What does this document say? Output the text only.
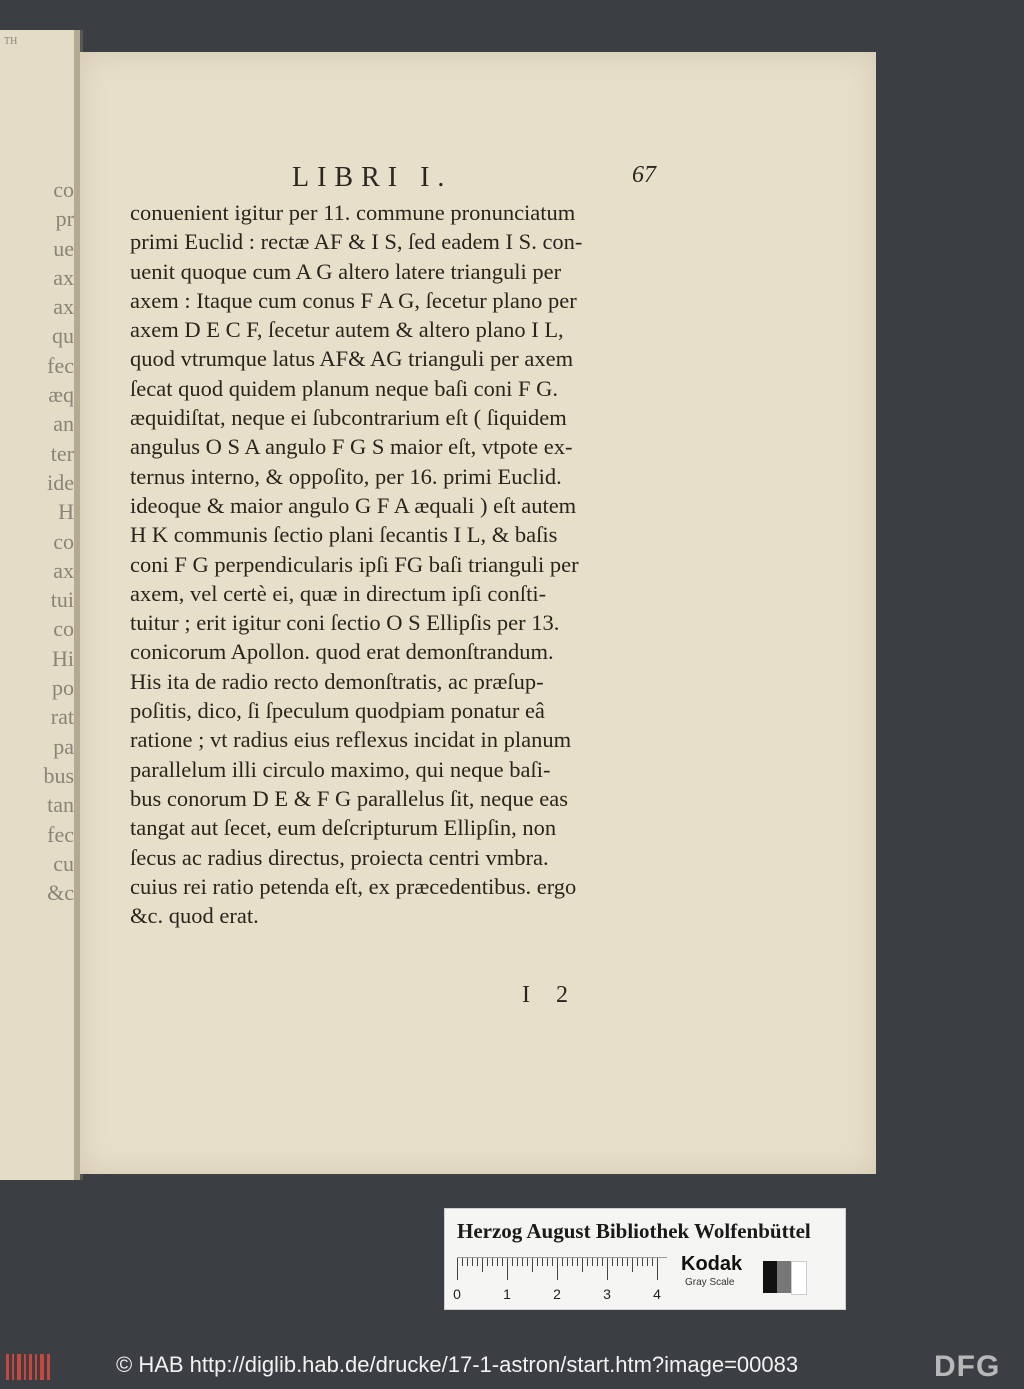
TH
co
pr
ue
ax
ax
qu
fec
æq
an
ter
ide
H
co
ax
tui
co
Hi
po
rat
pa
bus
tan
fec
cu
&c
LIBRI I.	67
conuenient igitur per 11. commune pronunciatum
primi Euclid : rectæ AF & I S, ſed eadem I S. con-
uenit quoque cum A G altero latere trianguli per
axem : Itaque cum conus F A G, ſecetur plano per
axem D E C F, ſecetur autem & altero plano I L,
quod vtrumque latus AF& AG trianguli per axem
ſecat quod quidem planum neque baſi coni F G.
æquidiſtat, neque ei ſubcontrarium eſt ( ſiquidem
angulus O S A angulo F G S maior eſt, vtpote ex-
ternus interno, & oppoſito, per 16. primi Euclid.
ideoque & maior angulo G F A æquali ) eſt autem
H K communis ſectio plani ſecantis I L, & baſis
coni F G perpendicularis ipſi FG baſi trianguli per
axem, vel certè ei, quæ in directum ipſi conſti-
tuitur ; erit igitur coni ſectio O S Ellipſis per 13.
conicorum Apollon. quod erat demonſtrandum.
His ita de radio recto demonſtratis, ac præſup-
poſitis, dico, ſi ſpeculum quodpiam ponatur eâ
ratione ; vt radius eius reflexus incidat in planum
parallelum illi circulo maximo, qui neque baſi-
bus conorum D E & F G parallelus ſit, neque eas
tangat aut ſecet, eum deſcripturum Ellipſin, non
ſecus ac radius directus, proiecta centri vmbra.
cuius rei ratio petenda eſt, ex præcedentibus. ergo
&c. quod erat.
I 2
Herzog August Bibliothek Wolfenbüttel
0	1	2	3	4
Kodak
Gray Scale
© HAB http://diglib.hab.de/drucke/17-1-astron/start.htm?image=00083	DFG
